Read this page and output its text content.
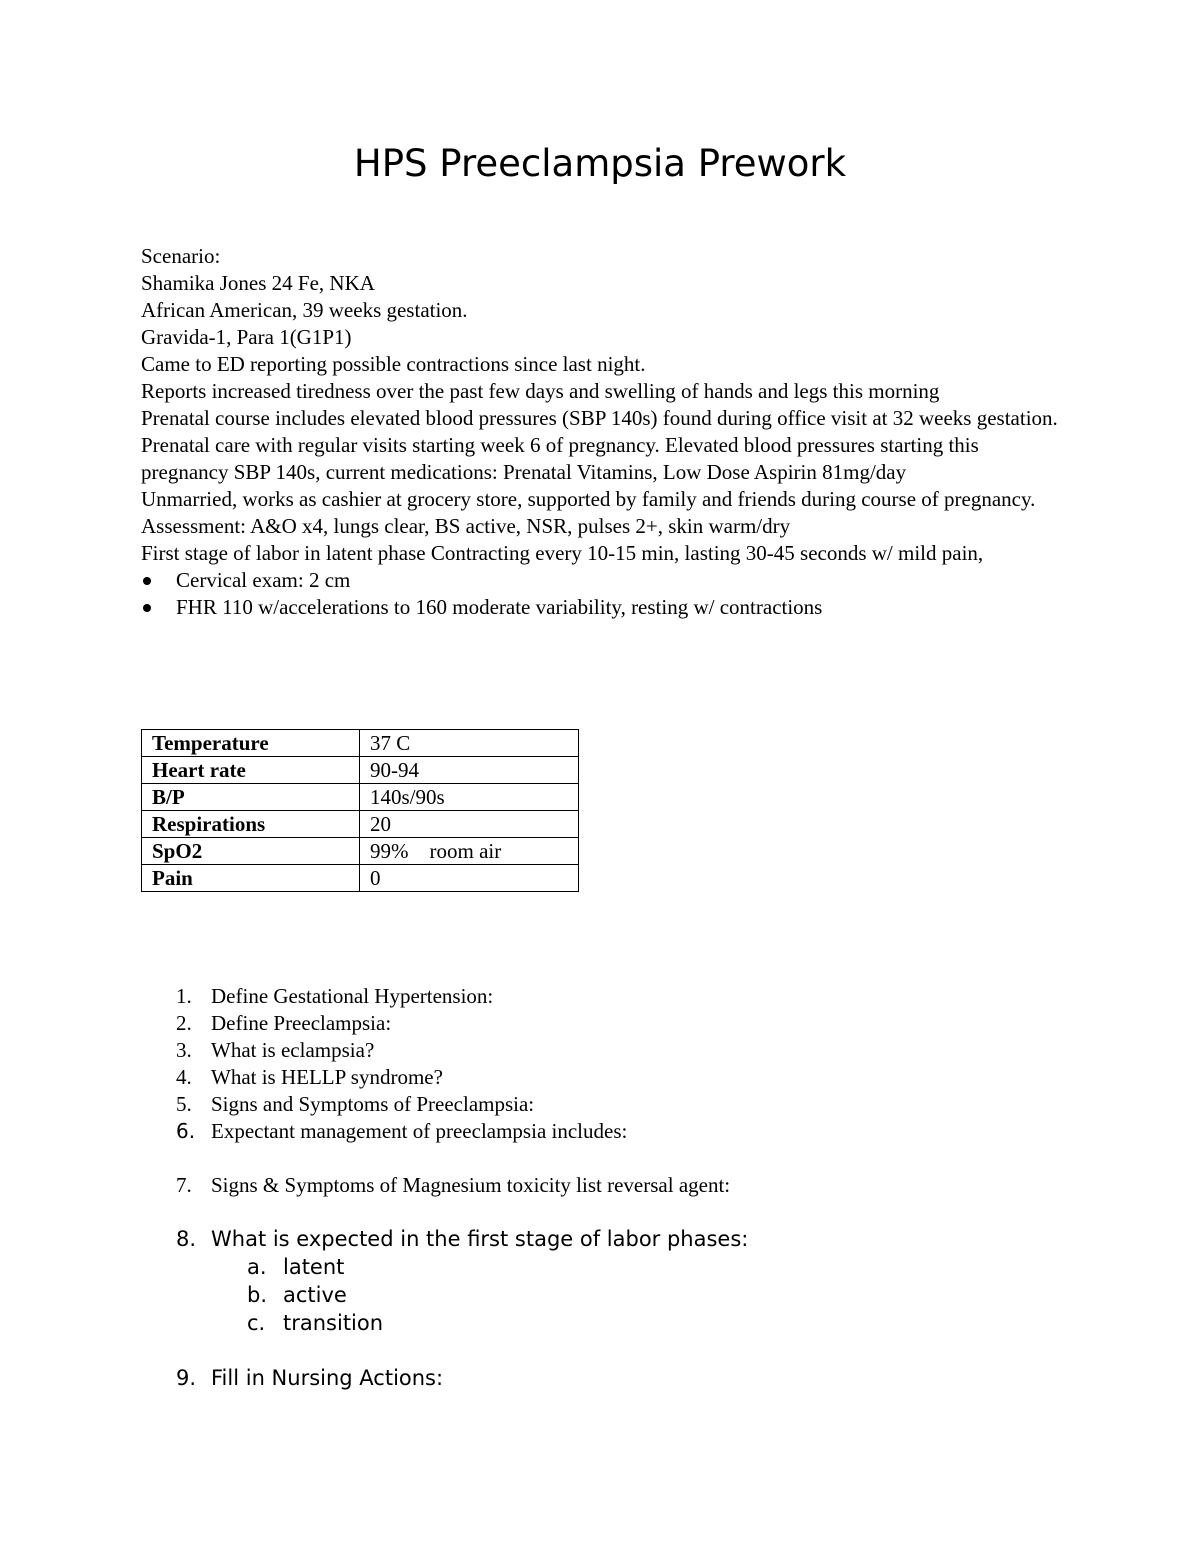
HPS Preeclampsia Prework

Scenario:

Shamika Jones 24 Fe, NKA

African American, 39 weeks gestation.

Gravida-1, Para 1(G1P1)

Came to ED reporting possible contractions since last night.

Reports increased tiredness over the past few days and swelling of hands and legs this morning

Prenatal course includes elevated blood pressures (SBP 140s) found during office visit at 32 weeks gestation.

Prenatal care with regular visits starting week 6 of pregnancy. Elevated blood pressures starting this pregnancy SBP 140s, current medications: Prenatal Vitamins, Low Dose Aspirin 81mg/day

Unmarried, works as cashier at grocery store, supported by family and friends during course of pregnancy.

Assessment: A&O x4, lungs clear, BS active, NSR, pulses 2+, skin warm/dry

First stage of labor in latent phase Contracting every 10-15 min, lasting 30-45 seconds w/ mild pain,

Cervical exam: 2 cm
FHR 110 w/accelerations to 160 moderate variability, resting w/ contractions
Temperature	37 C
Heart rate	90-94
B/P	140s/90s
Respirations	20
SpO2	99%    room air
Pain	0
1. Define Gestational Hypertension:
2. Define Preeclampsia:
3. What is eclampsia?
4. What is HELLP syndrome?
5. Signs and Symptoms of Preeclampsia:
6. Expectant management of preeclampsia includes:
7. Signs & Symptoms of Magnesium toxicity list reversal agent:
8. What is expected in the first stage of labor phases:
a. latent
b. active
c. transition
9. Fill in Nursing Actions:
